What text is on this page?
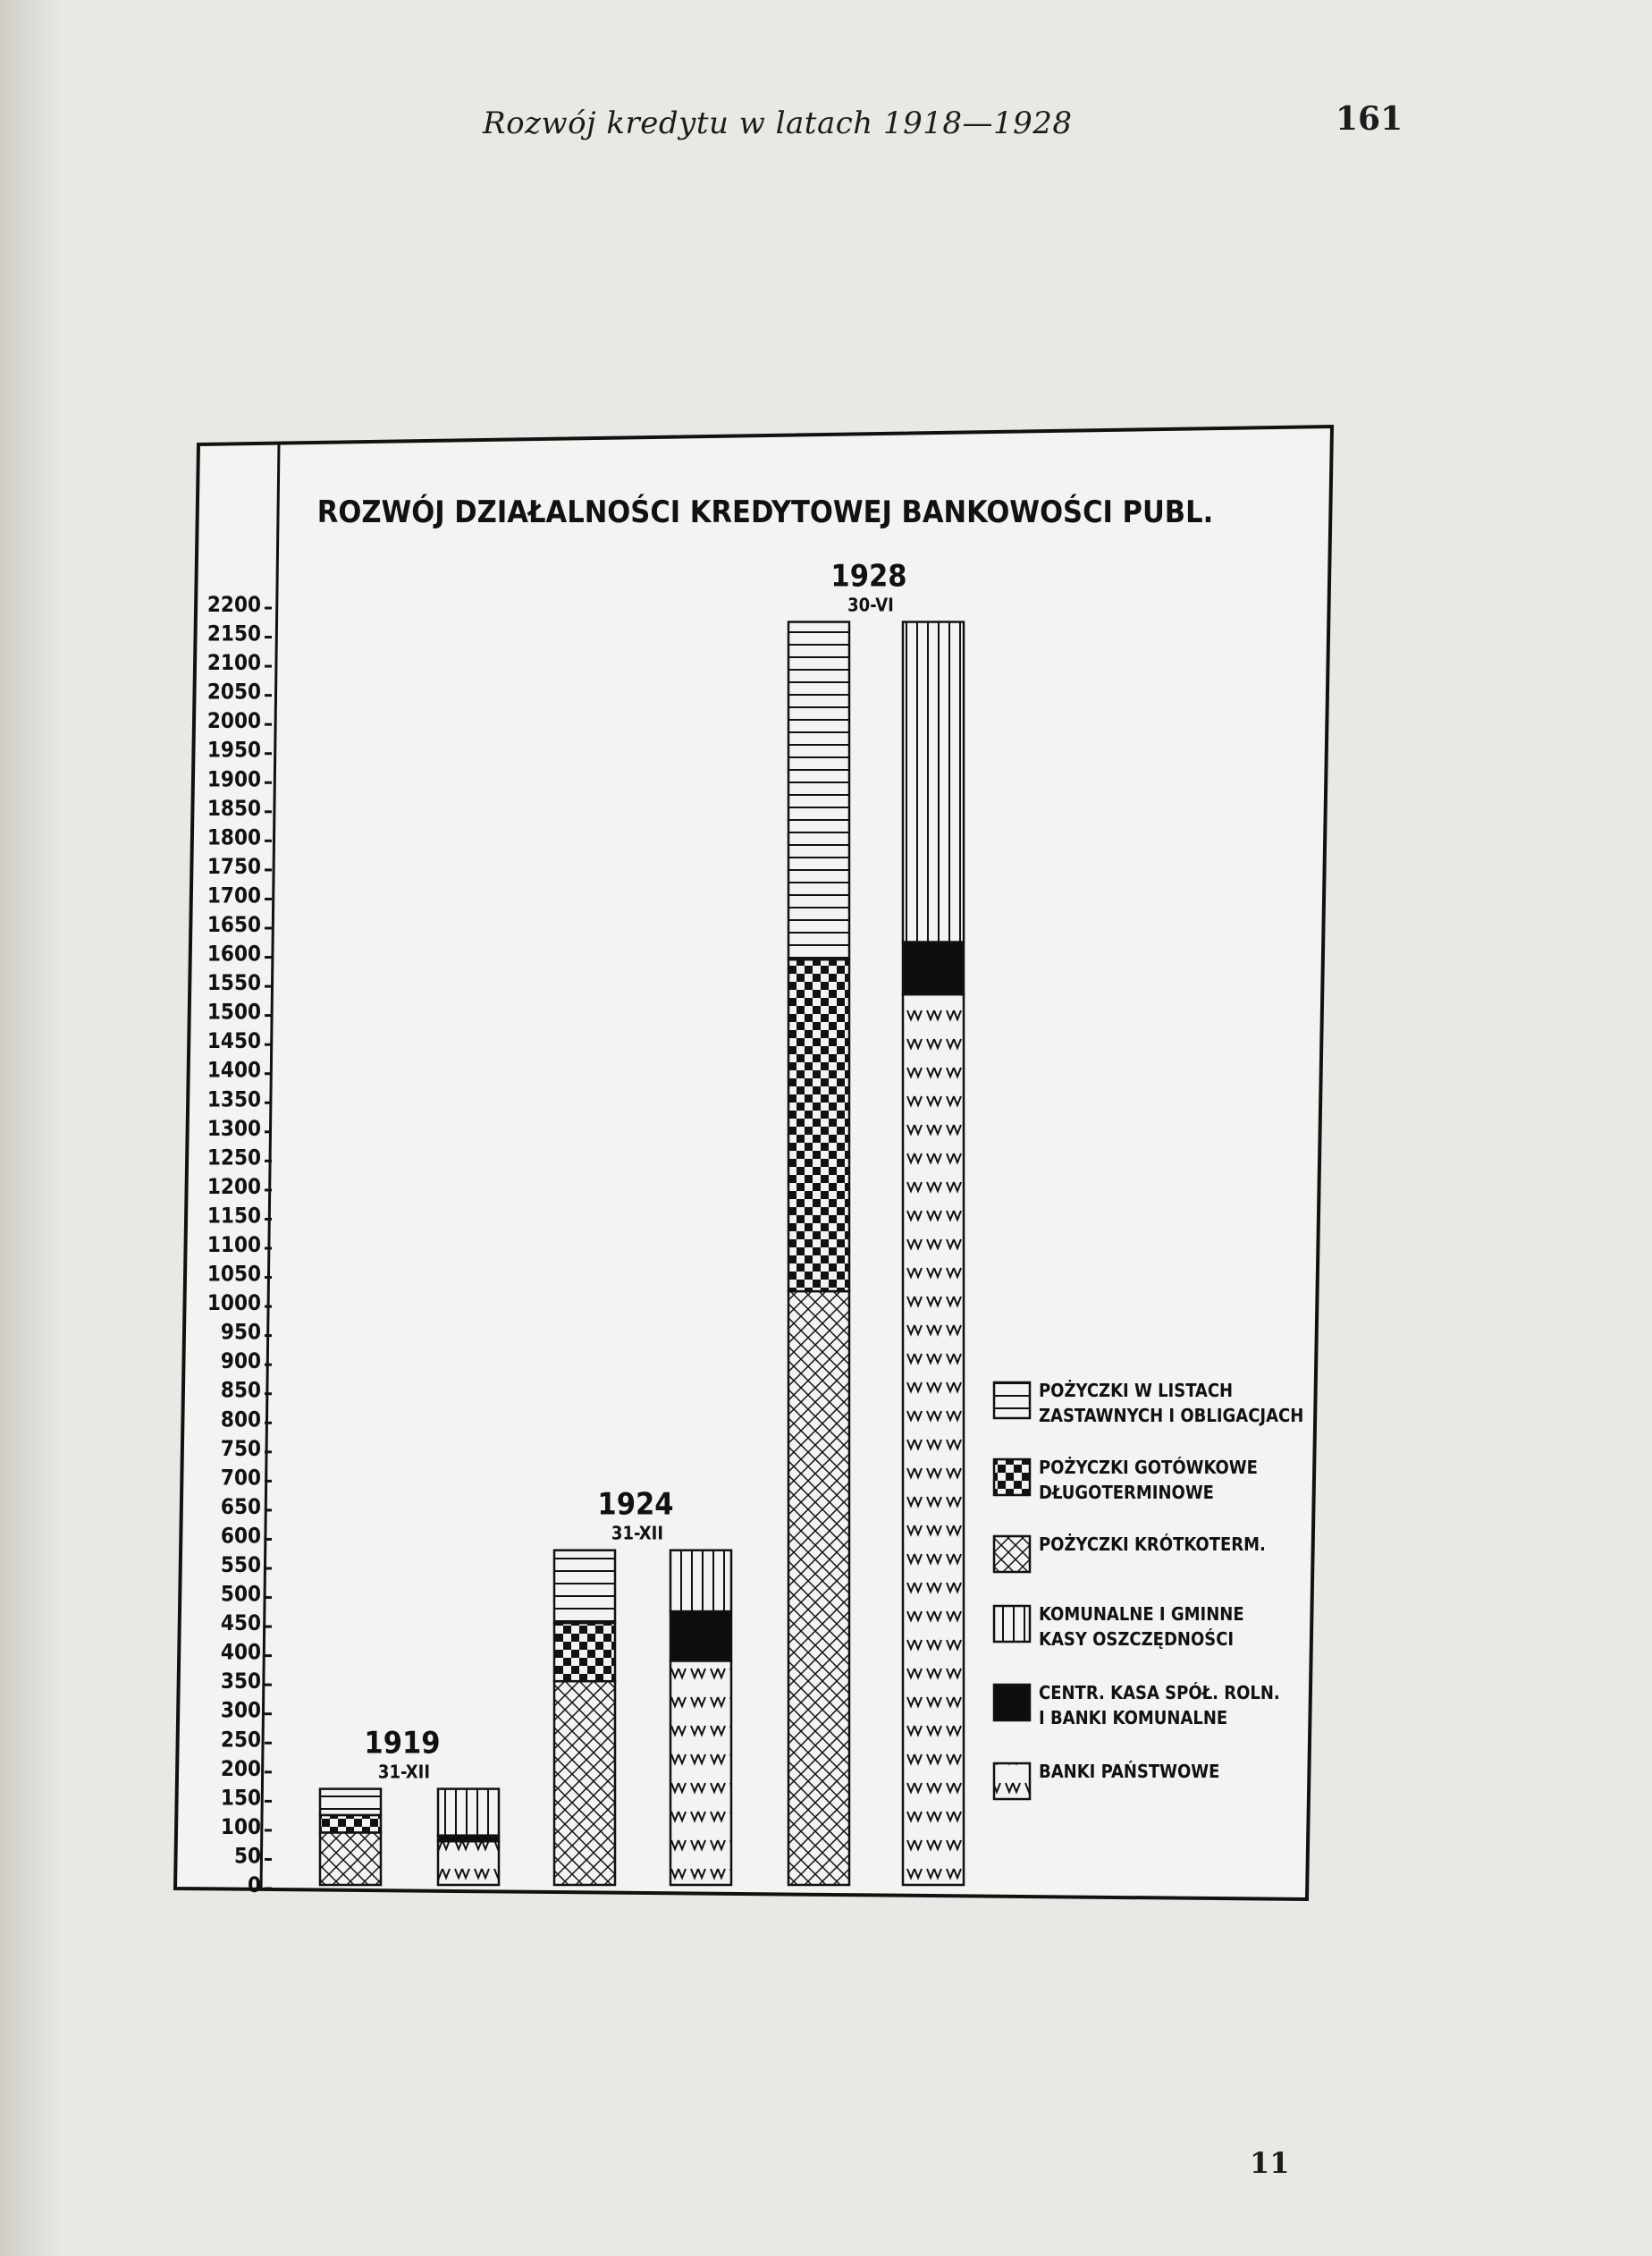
Rozwój kredytu w latach 1918—1928	161
11
ROZWÓJ DZIAŁALNOŚCI KREDYTOWEJ BANKOWOŚCI PUBL.
2200
2150
2100
2050
2000
1950
1900
1850
1800
1750
1700
1650
1600
1550
1500
1450
1400
1350
1300
1250
1200
1150
1100
1050
1000
950
900
850
800
750
700
650
600
550
500
450
400
350
300
250
200
150
100
50
0
1919
31-XII
1924
31-XII
1928
30-VI
POŻYCZKI W LISTACH
ZASTAWNYCH I OBLIGACJACH
POŻYCZKI GOTÓWKOWE
DŁUGOTERMINOWE
POŻYCZKI KRÓTKOTERM.
KOMUNALNE I GMINNE
KASY OSZCZĘDNOŚCI
CENTR. KASA SPÓŁ. ROLN.
I BANKI KOMUNALNE
BANKI PAŃSTWOWE
